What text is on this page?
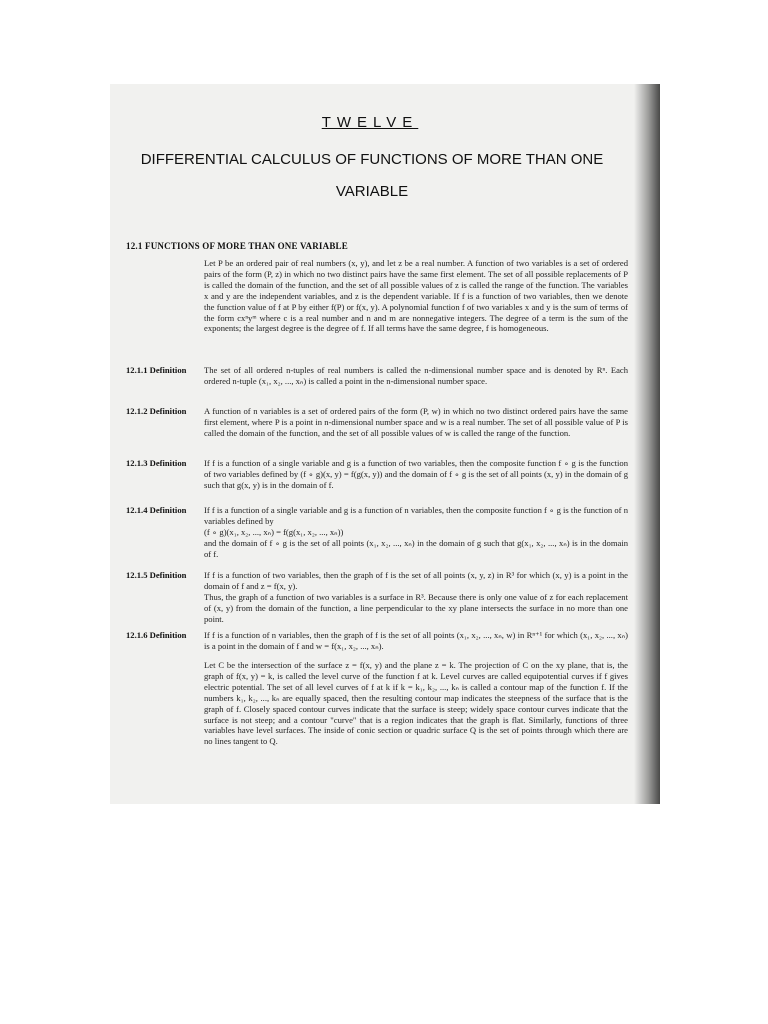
TWELVE
DIFFERENTIAL CALCULUS OF FUNCTIONS OF MORE THAN ONE VARIABLE
12.1 FUNCTIONS OF MORE THAN ONE VARIABLE

Let P be an ordered pair of real numbers (x, y), and let z be a real number. A function of two variables is a set of ordered pairs of the form (P, z) in which no two distinct pairs have the same first element. The set of all possible replacements of P is called the domain of the function, and the set of all possible values of z is called the range of the function. The variables x and y are the independent variables, and z is the dependent variable. If f is a function of two variables, then we denote the function value of f at P by either f(P) or f(x, y). A polynomial function f of two variables x and y is the sum of terms of the form cxⁿyᵐ where c is a real number and n and m are nonnegative integers. The degree of a term is the sum of the exponents; the largest degree is the degree of f. If all terms have the same degree, f is homogeneous.

12.1.1 Definition The set of all ordered n-tuples of real numbers is called the n-dimensional number space and is denoted by Rⁿ. Each ordered n-tuple (x₁, x₂, ..., xₙ) is called a point in the n-dimensional number space.

12.1.2 Definition A function of n variables is a set of ordered pairs of the form (P, w) in which no two distinct ordered pairs have the same first element, where P is a point in n-dimensional number space and w is a real number. The set of all possible value of P is called the domain of the function, and the set of all possible values of w is called the range of the function.

12.1.3 Definition If f is a function of a single variable and g is a function of two variables, then the composite function f ∘ g is the function of two variables defined by (f ∘ g)(x, y) = f(g(x, y)) and the domain of f ∘ g is the set of all points (x, y) in the domain of g such that g(x, y) is in the domain of f.

12.1.4 Definition If f is a function of a single variable and g is a function of n variables, then the composite function f ∘ g is the function of n variables defined by
(f ∘ g)(x₁, x₂, ..., xₙ) = f(g(x₁, x₂, ..., xₙ))
and the domain of f ∘ g is the set of all points (x₁, x₂, ..., xₙ) in the domain of g such that g(x₁, x₂, ..., xₙ) is in the domain of f.
12.1.5 Definition If f is a function of two variables, then the graph of f is the set of all points (x, y, z) in R³ for which (x, y) is a point in the domain of f and z = f(x, y).
Thus, the graph of a function of two variables is a surface in R³. Because there is only one value of z for each replacement of (x, y) from the domain of the function, a line perpendicular to the xy plane intersects the surface in no more than one point.
12.1.6 Definition If f is a function of n variables, then the graph of f is the set of all points (x₁, x₂, ..., xₙ, w) in Rⁿ⁺¹ for which (x₁, x₂, ..., xₙ) is a point in the domain of f and w = f(x₁, x₂, ..., xₙ).

Let C be the intersection of the surface z = f(x, y) and the plane z = k. The projection of C on the xy plane, that is, the graph of f(x, y) = k, is called the level curve of the function f at k. Level curves are called equipotential curves if f gives electric potential. The set of all level curves of f at k if k = k₁, k₂, ..., kₙ is called a contour map of the function f. If the numbers k₁, k₂, ..., kₙ are equally spaced, then the resulting contour map indicates the steepness of the surface that is the graph of f. Closely spaced contour curves indicate that the surface is steep; widely space contour curves indicate that the surface is not steep; and a contour "curve" that is a region indicates that the graph is flat. Similarly, functions of three variables have level surfaces. The inside of conic section or quadric surface Q is the set of points through which there are no lines tangent to Q.
